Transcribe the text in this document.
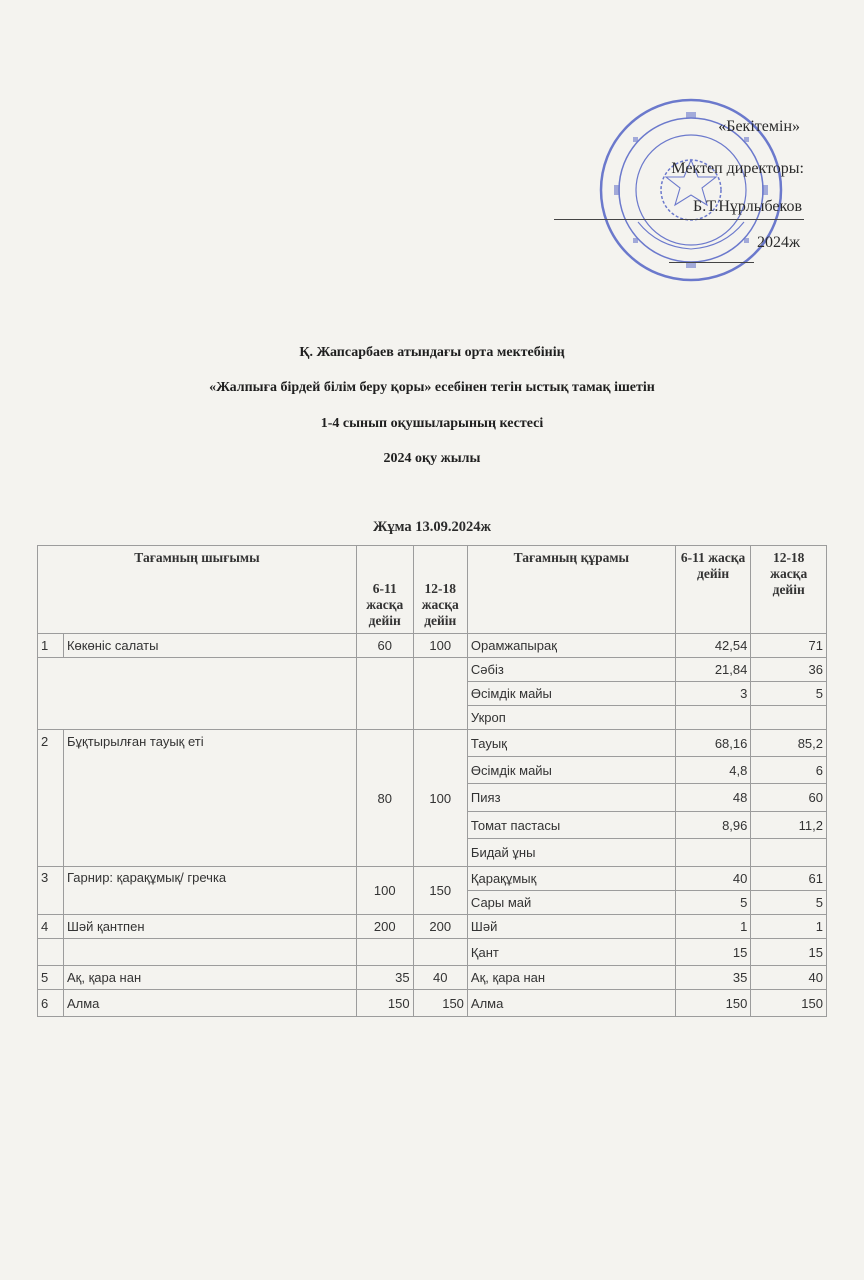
«Бекітемін»
Мектеп директоры:
Б.Т.Нұрлыбеков
2024ж
Қ. Жапсарбаев атындағы орта мектебінің
«Жалпыға бірдей білім беру қоры» есебінен тегін ыстық тамақ ішетін
1-4 сынып оқушыларының кестесі
2024 оқу жылы
Жұма 13.09.2024ж
Тағамның шығымы		6-11 жасқа дейін	12-18 жасқа дейін	Тағамның құрамы	6-11 жасқа дейін	12-18 жасқа дейін
1	Көкөніс салаты	60	100	Орамжапырақ	42,54	71
				Сәбіз	21,84	36
				Өсімдік майы	3	5
				Укроп		
2	Бұқтырылған тауық еті	80	100	Тауық	68,16	85,2
				Өсімдік майы	4,8	6
				Пияз	48	60
				Томат пастасы	8,96	11,2
				Бидай ұны		
3	Гарнир: қарақұмық/ гречка	100	150	Қарақұмық	40	61
				Сары май	5	5
4	Шәй қантпен	200	200	Шәй	1	1
				Қант	15	15
5	Ақ, қара нан	35	40	Ақ, қара нан	35	40
6	Алма	150	150	Алма	150	150
